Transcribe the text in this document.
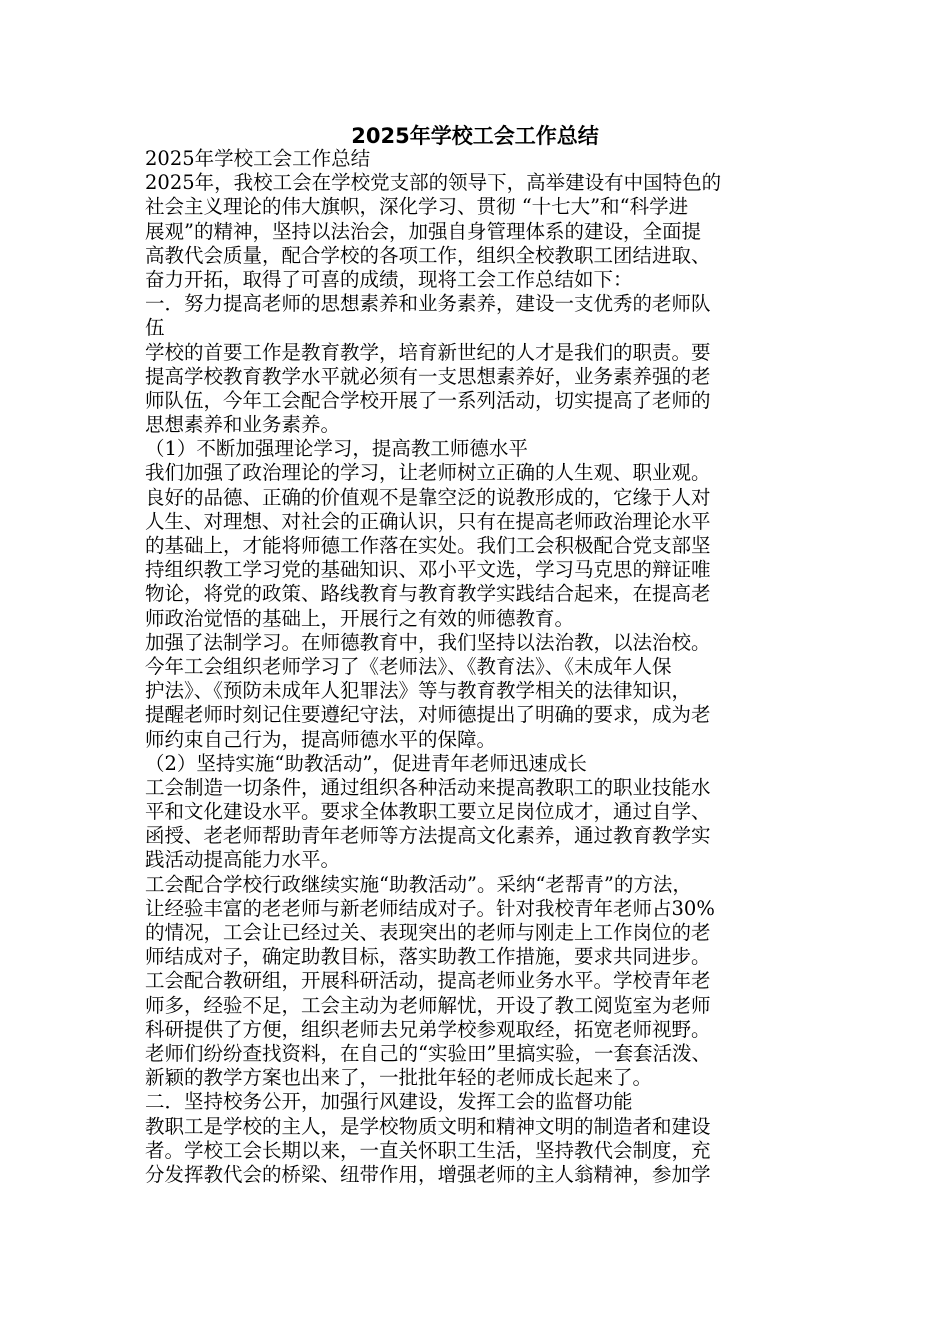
2025年学校工会工作总结
2025年学校工会工作总结
2025年，我校工会在学校党支部的领导下，高举建设有中国特色的
社会主义理论的伟大旗帜，深化学习、贯彻 “十七大”和“科学进
展观”的精神，坚持以法治会，加强自身管理体系的建设，全面提
高教代会质量，配合学校的各项工作，组织全校教职工团结进取、
奋力开拓，取得了可喜的成绩，现将工会工作总结如下：
一．努力提高老师的思想素养和业务素养，建设一支优秀的老师队
伍
学校的首要工作是教育教学，培育新世纪的人才是我们的职责。要
提高学校教育教学水平就必须有一支思想素养好，业务素养强的老
师队伍，今年工会配合学校开展了一系列活动，切实提高了老师的
思想素养和业务素养。
（1）不断加强理论学习，提高教工师德水平
我们加强了政治理论的学习，让老师树立正确的人生观、职业观。
良好的品德、正确的价值观不是靠空泛的说教形成的，它缘于人对
人生、对理想、对社会的正确认识，只有在提高老师政治理论水平
的基础上，才能将师德工作落在实处。我们工会积极配合党支部坚
持组织教工学习党的基础知识、邓小平文选，学习马克思的辩证唯
物论，将党的政策、路线教育与教育教学实践结合起来，在提高老
师政治觉悟的基础上，开展行之有效的师德教育。
加强了法制学习。在师德教育中，我们坚持以法治教，以法治校。
今年工会组织老师学习了《老师法》、《教育法》、《未成年人保
护法》、《预防未成年人犯罪法》等与教育教学相关的法律知识，
提醒老师时刻记住要遵纪守法，对师德提出了明确的要求，成为老
师约束自己行为，提高师德水平的保障。
（2）坚持实施“助教活动”，促进青年老师迅速成长
工会制造一切条件，通过组织各种活动来提高教职工的职业技能水
平和文化建设水平。要求全体教职工要立足岗位成才，通过自学、
函授、老老师帮助青年老师等方法提高文化素养，通过教育教学实
践活动提高能力水平。
工会配合学校行政继续实施“助教活动”。采纳“老帮青”的方法，
让经验丰富的老老师与新老师结成对子。针对我校青年老师占30%
的情况，工会让已经过关、表现突出的老师与刚走上工作岗位的老
师结成对子，确定助教目标，落实助教工作措施，要求共同进步。
工会配合教研组，开展科研活动，提高老师业务水平。学校青年老
师多，经验不足，工会主动为老师解忧，开设了教工阅览室为老师
科研提供了方便，组织老师去兄弟学校参观取经，拓宽老师视野。
老师们纷纷查找资料，在自己的“实验田”里搞实验，一套套活泼、
新颖的教学方案也出来了，一批批年轻的老师成长起来了。
二．坚持校务公开，加强行风建设，发挥工会的监督功能
教职工是学校的主人，是学校物质文明和精神文明的制造者和建设
者。学校工会长期以来，一直关怀职工生活，坚持教代会制度，充
分发挥教代会的桥梁、纽带作用，增强老师的主人翁精神，参加学
